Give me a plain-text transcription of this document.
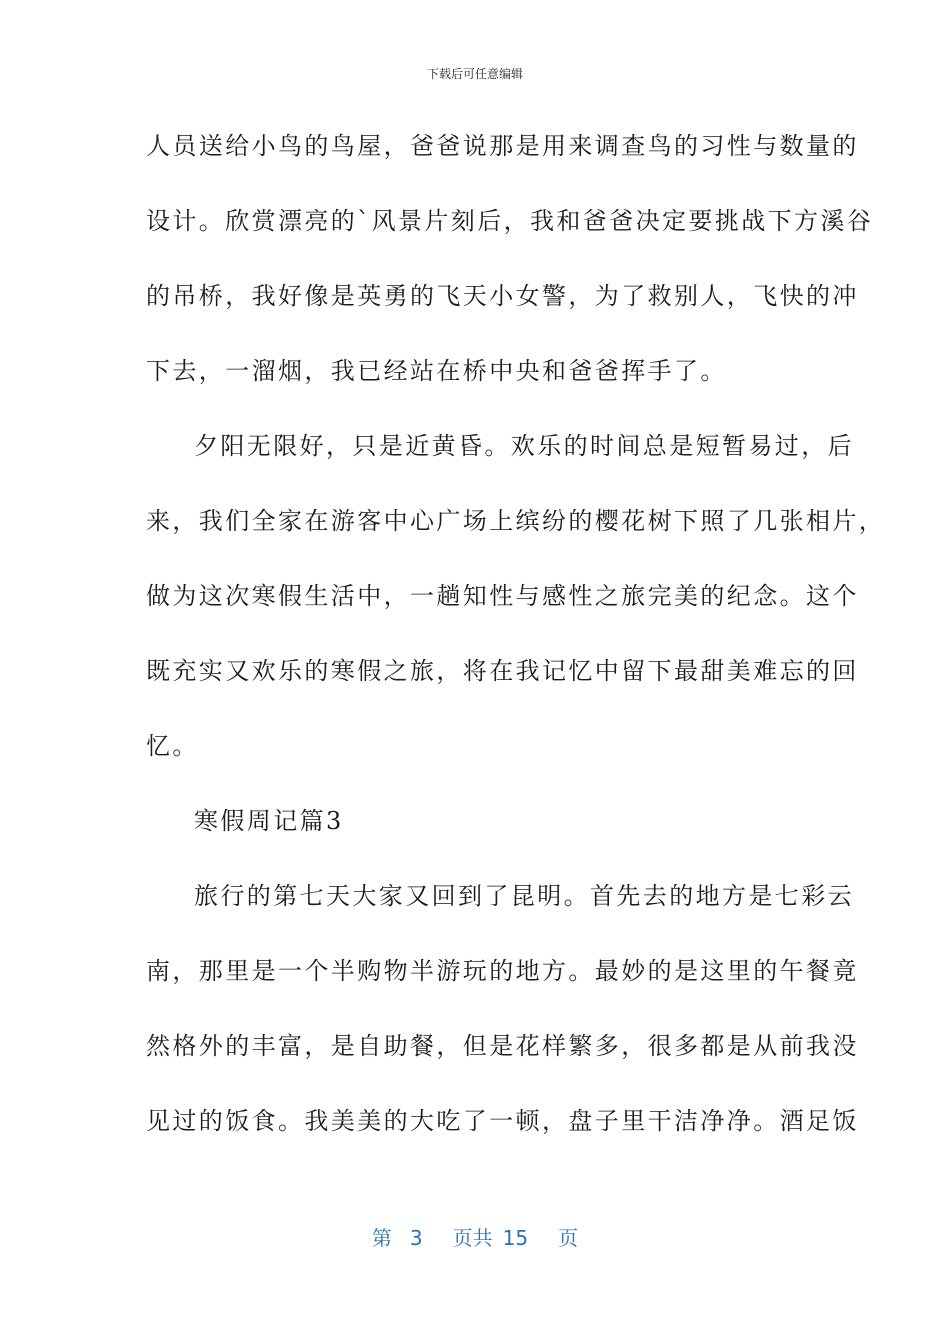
下载后可任意编辑
人员送给小鸟的鸟屋，爸爸说那是用来调查鸟的习性与数量的
设计。欣赏漂亮的`风景片刻后，我和爸爸决定要挑战下方溪谷
的吊桥，我好像是英勇的飞天小女警，为了救别人，飞快的冲
下去，一溜烟，我已经站在桥中央和爸爸挥手了。
夕阳无限好，只是近黄昏。欢乐的时间总是短暂易过，后
来，我们全家在游客中心广场上缤纷的樱花树下照了几张相片，
做为这次寒假生活中，一趟知性与感性之旅完美的纪念。这个
既充实又欢乐的寒假之旅，将在我记忆中留下最甜美难忘的回
忆。
寒假周记篇3
旅行的第七天大家又回到了昆明。首先去的地方是七彩云
南，那里是一个半购物半游玩的地方。最妙的是这里的午餐竟
然格外的丰富，是自助餐，但是花样繁多，很多都是从前我没
见过的饭食。我美美的大吃了一顿，盘子里干洁净净。酒足饭
第 3 页共 15 页
